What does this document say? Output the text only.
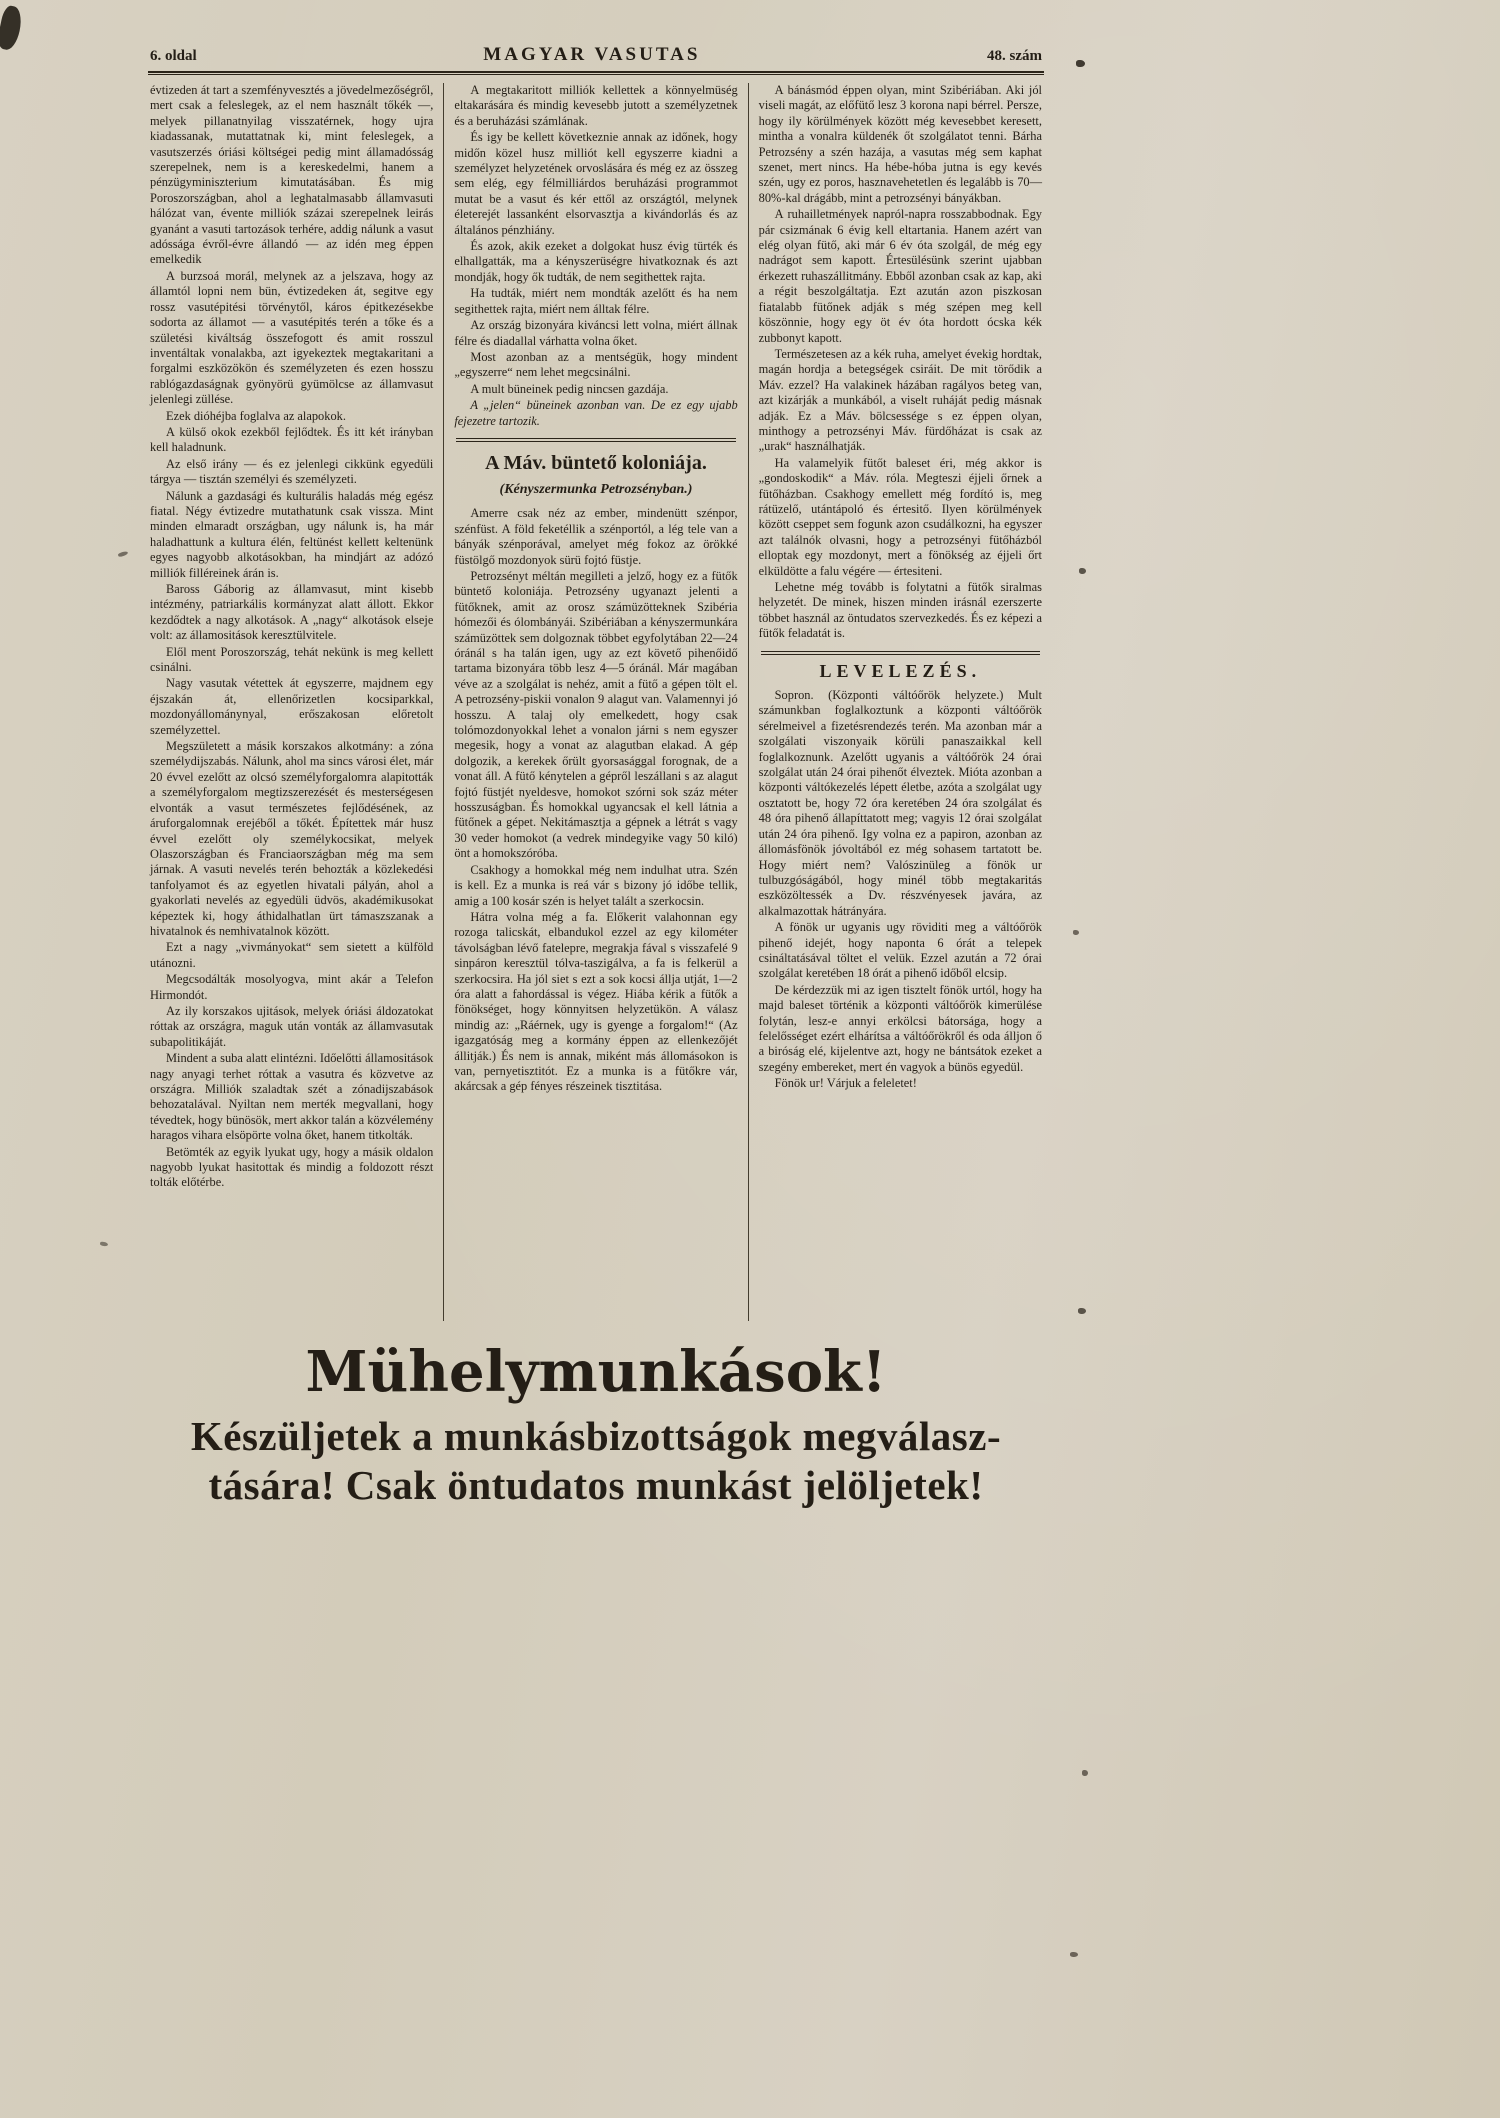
6. oldal	MAGYAR VASUTAS	48. szám

évtizeden át tart a szemfényvesztés a jövedelmezőségről, mert csak a feleslegek, az el nem használt tőkék —, melyek pillanatnyilag visszatérnek, hogy ujra kiadassanak, mutattatnak ki, mint feleslegek, a vasutszerzés óriási költségei pedig mint államadósság szerepelnek, nem is a kereskedelmi, hanem a pénzügyminiszterium kimutatásában. És mig Poroszországban, ahol a leghatalmasabb államvasuti hálózat van, évente milliók százai szerepelnek leirás gyanánt a vasuti tartozások terhére, addig nálunk a vasut adóssága évről-évre állandó — az idén meg éppen emelkedik

A burzsoá morál, melynek az a jelszava, hogy az államtól lopni nem bün, évtizedeken át, segitve egy rossz vasutépitési törvénytől, káros épitkezésekbe sodorta az államot — a vasutépités terén a tőke és a születési kiváltság összefogott és amit rosszul inventáltak vonalakba, azt igyekeztek megtakaritani a forgalmi eszközökön és személyzeten és ezen hosszu rablógazdaságnak gyönyörü gyümölcse az államvasut jelenlegi züllése.

Ezek dióhéjba foglalva az alapokok.

A külső okok ezekből fejlődtek. És itt két irányban kell haladnunk.

Az első irány — és ez jelenlegi cikkünk egyedüli tárgya — tisztán személyi és személyzeti.

Nálunk a gazdasági és kulturális haladás még egész fiatal. Négy évtizedre mutathatunk csak vissza. Mint minden elmaradt országban, ugy nálunk is, ha már haladhattunk a kultura élén, feltünést kellett keltenünk egyes nagyobb alkotásokban, ha mindjárt az adózó milliók filléreinek árán is.

Baross Gáborig az államvasut, mint kisebb intézmény, patriarkális kormányzat alatt állott. Ekkor kezdődtek a nagy alkotások. A „nagy“ alkotások elseje volt: az államositások keresztülvitele.

Elől ment Poroszország, tehát nekünk is meg kellett csinálni.

Nagy vasutak vétettek át egyszerre, majdnem egy éjszakán át, ellenőrizetlen kocsiparkkal, mozdonyállománynyal, erőszakosan előretolt személyzettel.

Megszületett a másik korszakos alkotmány: a zóna személydijszabás. Nálunk, ahol ma sincs városi élet, már 20 évvel ezelőtt az olcsó személyforgalomra alapitották a személyforgalom megtizszerezését és mesterségesen elvonták a vasut természetes fejlődésének, az áruforgalomnak erejéből a tőkét. Építettek már husz évvel ezelőtt oly személykocsikat, melyek Olaszországban és Franciaországban még ma sem járnak. A vasuti nevelés terén behozták a közlekedési tanfolyamot és az egyetlen hivatali pályán, ahol a gyakorlati nevelés az egyedüli üdvös, akadémikusokat képeztek ki, hogy áthidalhatlan ürt támaszszanak a hivatalnok és nemhivatalnok között.

Ezt a nagy „vivmányokat“ sem sietett a külföld utánozni.

Megcsodálták mosolyogva, mint akár a Telefon Hirmondót.

Az ily korszakos ujitások, melyek óriási áldozatokat róttak az országra, maguk után vonták az államvasutak subapolitikáját.

Mindent a suba alatt elintézni. Időelőtti államositások nagy anyagi terhet róttak a vasutra és közvetve az országra. Milliók szaladtak szét a zónadijszabások behozatalával. Nyiltan nem merték megvallani, hogy tévedtek, hogy bünösök, mert akkor talán a közvélemény haragos vihara elsöpörte volna őket, hanem titkolták.

Betömték az egyik lyukat ugy, hogy a másik oldalon nagyobb lyukat hasitottak és mindig a foldozott részt tolták előtérbe.

A megtakaritott milliók kellettek a könnyelmüség eltakarására és mindig kevesebb jutott a személyzetnek és a beruházási számlának.

És igy be kellett következnie annak az időnek, hogy midőn közel husz milliót kell egyszerre kiadni a személyzet helyzetének orvoslására és még ez az összeg sem elég, egy félmilliárdos beruházási programmot mutat be a vasut és kér ettől az országtól, melynek életerejét lassanként elsorvasztja a kivándorlás és az általános pénzhiány.

És azok, akik ezeket a dolgokat husz évig türték és elhallgatták, ma a kényszerüségre hivatkoznak és azt mondják, hogy ők tudták, de nem segithettek rajta.

Ha tudták, miért nem mondták azelőtt és ha nem segithettek rajta, miért nem álltak félre.

Az ország bizonyára kiváncsi lett volna, miért állnak félre és diadallal várhatta volna őket.

Most azonban az a mentségük, hogy mindent „egyszerre“ nem lehet megcsinálni.

A mult büneinek pedig nincsen gazdája.

A „jelen“ büneinek azonban van. De ez egy ujabb fejezetre tartozik.

A Máv. büntető koloniája.

(Kényszermunka Petrozsényban.)

Amerre csak néz az ember, mindenütt szénpor, szénfüst. A föld feketéllik a szénportól, a lég tele van a bányák szénporával, amelyet még fokoz az örökké füstölgő mozdonyok sürü fojtó füstje.

Petrozsényt méltán megilleti a jelző, hogy ez a fütők büntető koloniája. Petrozsény ugyanazt jelenti a fütőknek, amit az orosz számüzötteknek Szibéria hómezői és ólombányái. Szibériában a kényszermunkára számüzöttek sem dolgoznak többet egyfolytában 22—24 óránál s ha talán igen, ugy az ezt követő pihenőidő tartama bizonyára több lesz 4—5 óránál. Már magában véve az a szolgálat is nehéz, amit a fütő a gépen tölt el. A petrozsény-piskii vonalon 9 alagut van. Valamennyi jó hosszu. A talaj oly emelkedett, hogy csak tolómozdonyokkal lehet a vonalon járni s nem egyszer megesik, hogy a vonat az alagutban elakad. A gép dolgozik, a kerekek őrült gyorsasággal forognak, de a vonat áll. A fütő kénytelen a gépről leszállani s az alagut fojtó füstjét nyeldesve, homokot szórni sok száz méter hosszuságban. És homokkal ugyancsak el kell látnia a fütőnek a gépet. Nekitámasztja a gépnek a létrát s vagy 30 veder homokot (a vedrek mindegyike vagy 50 kiló) önt a homokszóróba.

Csakhogy a homokkal még nem indulhat utra. Szén is kell. Ez a munka is reá vár s bizony jó időbe tellik, amig a 100 kosár szén is helyet talált a szerkocsin.

Hátra volna még a fa. Előkerit valahonnan egy rozoga talicskát, elbandukol ezzel az egy kilométer távolságban lévő fatelepre, megrakja fával s visszafelé 9 sinpáron keresztül tólva-taszigálva, a fa is felkerül a szerkocsira. Ha jól siet s ezt a sok kocsi állja utját, 1—2 óra alatt a fahordással is végez. Hiába kérik a fütők a fönökséget, hogy könnyitsen helyzetükön. A válasz mindig az: „Ráérnek, ugy is gyenge a forgalom!“ (Az igazgatóság meg a kormány éppen az ellenkezőjét állitják.) És nem is annak, miként más állomásokon is van, pernyetisztitót. Ez a munka is a fütőkre vár, akárcsak a gép fényes részeinek tisztitása.

A bánásmód éppen olyan, mint Szibériában. Aki jól viseli magát, az előfütő lesz 3 korona napi bérrel. Persze, hogy ily körülmények között még kevesebbet keresett, mintha a vonalra küldenék őt szolgálatot tenni. Bárha Petrozsény a szén hazája, a vasutas még sem kaphat szenet, mert nincs. Ha hébe-hóba jutna is egy kevés szén, ugy ez poros, hasznavehetetlen és legalább is 70—80%-kal drágább, mint a petrozsényi bányákban.

A ruhailletmények napról-napra rosszabbodnak. Egy pár csizmának 6 évig kell eltartania. Hanem azért van elég olyan fütő, aki már 6 év óta szolgál, de még egy nadrágot sem kapott. Értesülésünk szerint ujabban érkezett ruhaszállitmány. Ebből azonban csak az kap, aki a régit beszolgáltatja. Ezt azután azon piszkosan fiatalabb fütőnek adják s még szépen meg kell köszönnie, hogy egy öt év óta hordott ócska kék zubbonyt kapott.

Természetesen az a kék ruha, amelyet évekig hordtak, magán hordja a betegségek csiráit. De mit törődik a Máv. ezzel? Ha valakinek házában ragályos beteg van, azt kizárják a munkából, a viselt ruháját pedig másnak adják. Ez a Máv. bölcsessége s ez éppen olyan, minthogy a petrozsényi Máv. fürdőházat is csak az „urak“ használhatják.

Ha valamelyik fütőt baleset éri, még akkor is „gondoskodik“ a Máv. róla. Megteszi éjjeli őrnek a fütőházban. Csakhogy emellett még fordító is, meg rátüzelő, utántápoló és értesitő. Ilyen körülmények között cseppet sem fogunk azon csudálkozni, ha egyszer azt találnók olvasni, hogy a petrozsényi fütőházból elloptak egy mozdonyt, mert a fönökség az éjjeli őrt elküldötte a falu végére — értesiteni.

Lehetne még tovább is folytatni a fütők siralmas helyzetét. De minek, hiszen minden irásnál ezerszerte többet használ az öntudatos szervezkedés. És ez képezi a fütők feladatát is.

LEVELEZÉS.

Sopron. (Központi váltóőrök helyzete.) Mult számunkban foglalkoztunk a központi váltóőrök sérelmeivel a fizetésrendezés terén. Ma azonban már a szolgálati viszonyaik körüli panaszaikkal kell foglalkoznunk. Azelőtt ugyanis a váltóőrök 24 órai szolgálat után 24 órai pihenőt élveztek. Mióta azonban a központi váltókezelés lépett életbe, azóta a szolgálat ugy osztatott be, hogy 72 óra keretében 24 óra szolgálat és 48 óra pihenő állapíttatott meg; vagyis 12 órai szolgálat után 24 óra pihenő. Igy volna ez a papiron, azonban az állomásfönök jóvoltából ez még sohasem tartatott be. Hogy miért nem? Valószinüleg a fönök ur tulbuzgóságából, hogy minél több megtakaritás eszközöltessék a Dv. részvényesek javára, az alkalmazottak hátrányára.

A fönök ur ugyanis ugy röviditi meg a váltóőrök pihenő idejét, hogy naponta 6 órát a telepek csináltatásával töltet el velük. Ezzel azután a 72 órai szolgálat keretében 18 órát a pihenő időből elcsip.

De kérdezzük mi az igen tisztelt fönök urtól, hogy ha majd baleset történik a központi váltóőrök kimerülése folytán, lesz-e annyi erkölcsi bátorsága, hogy a felelősséget ezért elhárítsa a váltóőrökről és oda álljon ő a biróság elé, kijelentve azt, hogy ne bántsátok ezeket a szegény embereket, mert én vagyok a bünös egyedül.

Fönök ur! Várjuk a feleletet!

Mühelymunkások!
Készüljetek a munkásbizottságok megválasz-
tására! Csak öntudatos munkást jelöljetek!
